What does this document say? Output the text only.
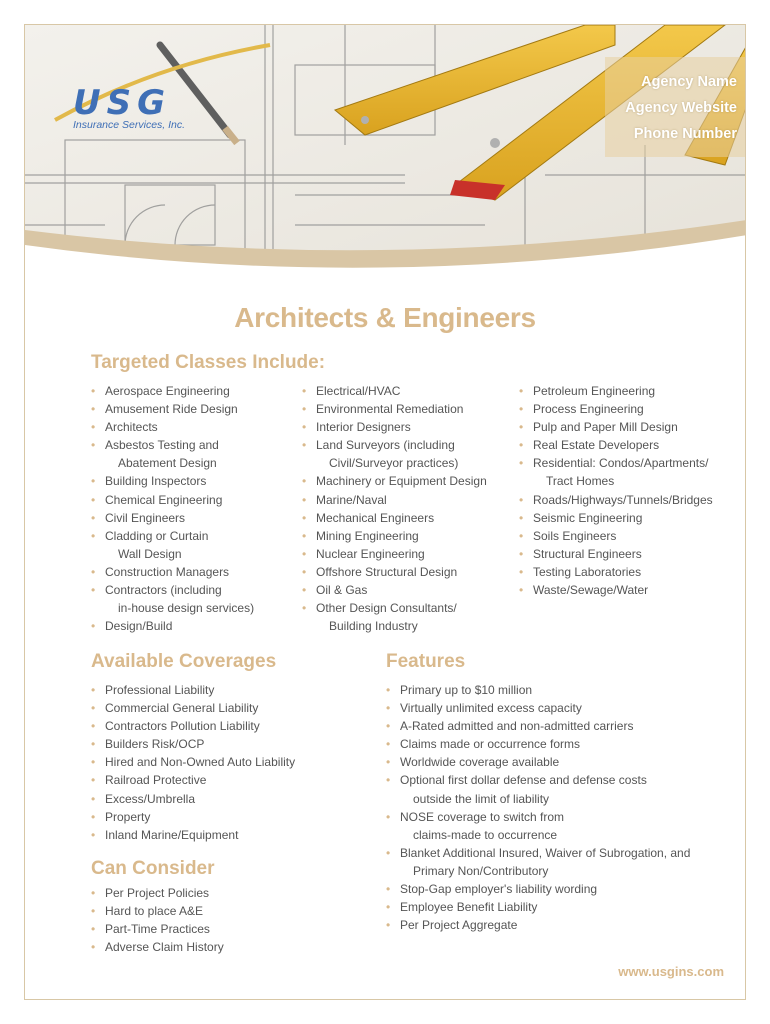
USG
Insurance Services, Inc.
Agency Name
Agency Website
Phone Number
Architects & Engineers
Targeted Classes Include:
• Aerospace Engineering
• Amusement Ride Design
• Architects
• Asbestos Testing and
Abatement Design
• Building Inspectors
• Chemical Engineering
• Civil Engineers
• Cladding or Curtain
Wall Design
• Construction Managers
• Contractors (including
in-house design services)
• Design/Build
• Electrical/HVAC
• Environmental Remediation
• Interior Designers
• Land Surveyors (including
Civil/Surveyor practices)
• Machinery or Equipment Design
• Marine/Naval
• Mechanical Engineers
• Mining Engineering
• Nuclear Engineering
• Offshore Structural Design
• Oil & Gas
• Other Design Consultants/
Building Industry
• Petroleum Engineering
• Process Engineering
• Pulp and Paper Mill Design
• Real Estate Developers
• Residential: Condos/Apartments/
Tract Homes
• Roads/Highways/Tunnels/Bridges
• Seismic Engineering
• Soils Engineers
• Structural Engineers
• Testing Laboratories
• Waste/Sewage/Water
Available Coverages
• Professional Liability
• Commercial General Liability
• Contractors Pollution Liability
• Builders Risk/OCP
• Hired and Non-Owned Auto Liability
• Railroad Protective
• Excess/Umbrella
• Property
• Inland Marine/Equipment
Can Consider
• Per Project Policies
• Hard to place A&E
• Part-Time Practices
• Adverse Claim History
Features
• Primary up to $10 million
• Virtually unlimited excess capacity
• A-Rated admitted and non-admitted carriers
• Claims made or occurrence forms
• Worldwide coverage available
• Optional first dollar defense and defense costs
outside the limit of liability
• NOSE coverage to switch from
claims-made to occurrence
• Blanket Additional Insured, Waiver of Subrogation, and
Primary Non/Contributory
• Stop-Gap employer's liability wording
• Employee Benefit Liability
• Per Project Aggregate
www.usgins.com
